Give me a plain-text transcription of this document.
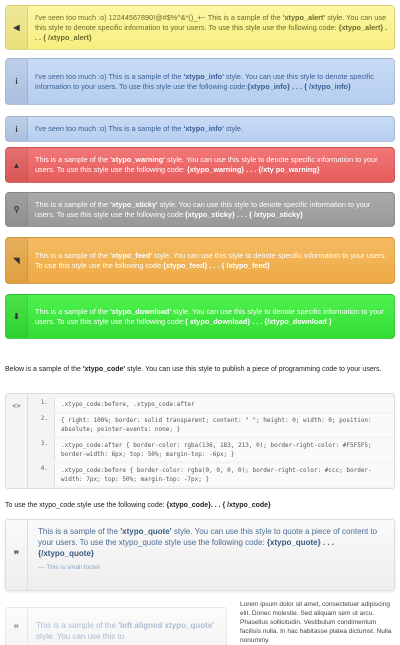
◀
I've seen too much :o) 12244567890!@#$%^&*()_+~ This is a sample of the 'xtypo_alert' style. You can use this style to denote specific information to your users. To use this style use the following code: {xtypo_alert} . . . { /xtypo_alert}
i
I've seen too much :o) This is a sample of the 'xtypo_info' style. You can use this style to denote specific information to your users. To use this style use the following code:{xtypo_info} . . . { /xtypo_info}
i	I've seen too much :o) This is a sample of the 'xtypo_info' style.
▲
This is a sample of the 'xtypo_warning' style. You can use this style to denote specific information to your users. To use this style use the following code: {xtypo_warning} . . . {/xty po_warning}
⚲
This is a sample of the 'xtypo_sticky' style. You can use this style to denote specific information to your users. To use this style use the following code:{xtypo_sticky} . . . { /xtypo_sticky}
◥
This is a sample of the 'xtypo_feed' style. You can use this style to denote specific information to your users.
To use this style use the following code:{xtypo_feed} . . . { /xtypo_feed}
⬇
This is a sample of the 'xtypo_download' style. You can use this style to denote specific information to your users. To use this style use the following code:{ xtypo_download} . . . {/xtypo_download }
Below is a sample of the 'xtypo_code' style. You can use this style to publish a piece of programming code to your users.
<>	1.	.xtypo_code:before, .xtypo_code:after
2.	{ right: 100%; border: solid transparent; content: " "; height: 0; width: 0; position: absolute; pointer-events: none; }
3.	.xtypo_code:after { border-color: rgba(136, 183, 213, 0); border-right-color: #F5F5F5; border-width: 6px; top: 50%; margin-top: -6px; }
4.	.xtypo_code:before { border-color: rgba(0, 0, 0, 0); border-right-color: #ccc; border-width: 7px; top: 50%; margin-top: -7px; }
To use the xtypo_code style use the following code: {xtypo_code}. . . { /xtypo_code}
❞
This is a sample of the 'xtypo_quote' style. You can use this style to quote a piece of content to your users. To use the xtypo_quote style use the following code: {xtypo_quote} . . . {/xtypo_quote}
— This is small footer
❞	This is a sample of the 'left aligned xtypo_quote' style. You can use this to
Lorem ipsum dolor sit amet, consectetuer adipiscing elit. Donec molestie. Sed aliquam sem ut arcu. Phasellus sollicitudin. Vestibulum condimentum facilisis nulla. In hac habitasse platea dictumst. Nulla nonummy.
